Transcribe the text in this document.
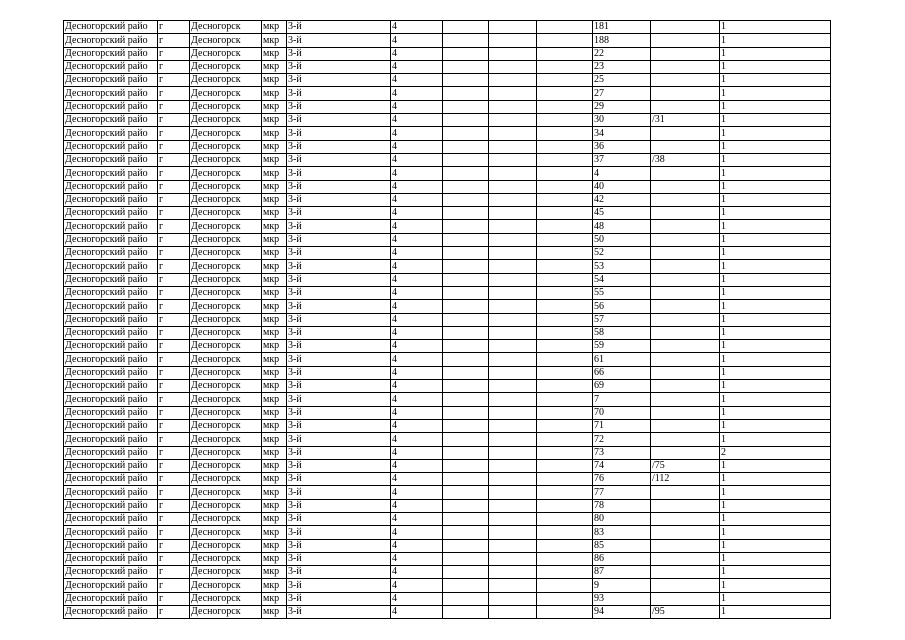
Десногорский райо	г	Десногорск	мкр	3-й	4				181		1
Десногорский райо	г	Десногорск	мкр	3-й	4				188		1
Десногорский райо	г	Десногорск	мкр	3-й	4				22		1
Десногорский райо	г	Десногорск	мкр	3-й	4				23		1
Десногорский райо	г	Десногорск	мкр	3-й	4				25		1
Десногорский райо	г	Десногорск	мкр	3-й	4				27		1
Десногорский райо	г	Десногорск	мкр	3-й	4				29		1
Десногорский райо	г	Десногорск	мкр	3-й	4				30	/31	1
Десногорский райо	г	Десногорск	мкр	3-й	4				34		1
Десногорский райо	г	Десногорск	мкр	3-й	4				36		1
Десногорский райо	г	Десногорск	мкр	3-й	4				37	/38	1
Десногорский райо	г	Десногорск	мкр	3-й	4				4		1
Десногорский райо	г	Десногорск	мкр	3-й	4				40		1
Десногорский райо	г	Десногорск	мкр	3-й	4				42		1
Десногорский райо	г	Десногорск	мкр	3-й	4				45		1
Десногорский райо	г	Десногорск	мкр	3-й	4				48		1
Десногорский райо	г	Десногорск	мкр	3-й	4				50		1
Десногорский райо	г	Десногорск	мкр	3-й	4				52		1
Десногорский райо	г	Десногорск	мкр	3-й	4				53		1
Десногорский райо	г	Десногорск	мкр	3-й	4				54		1
Десногорский райо	г	Десногорск	мкр	3-й	4				55		1
Десногорский райо	г	Десногорск	мкр	3-й	4				56		1
Десногорский райо	г	Десногорск	мкр	3-й	4				57		1
Десногорский райо	г	Десногорск	мкр	3-й	4				58		1
Десногорский райо	г	Десногорск	мкр	3-й	4				59		1
Десногорский райо	г	Десногорск	мкр	3-й	4				61		1
Десногорский райо	г	Десногорск	мкр	3-й	4				66		1
Десногорский райо	г	Десногорск	мкр	3-й	4				69		1
Десногорский райо	г	Десногорск	мкр	3-й	4				7		1
Десногорский райо	г	Десногорск	мкр	3-й	4				70		1
Десногорский райо	г	Десногорск	мкр	3-й	4				71		1
Десногорский райо	г	Десногорск	мкр	3-й	4				72		1
Десногорский райо	г	Десногорск	мкр	3-й	4				73		2
Десногорский райо	г	Десногорск	мкр	3-й	4				74	/75	1
Десногорский райо	г	Десногорск	мкр	3-й	4				76	/112	1
Десногорский райо	г	Десногорск	мкр	3-й	4				77		1
Десногорский райо	г	Десногорск	мкр	3-й	4				78		1
Десногорский райо	г	Десногорск	мкр	3-й	4				80		1
Десногорский райо	г	Десногорск	мкр	3-й	4				83		1
Десногорский райо	г	Десногорск	мкр	3-й	4				85		1
Десногорский райо	г	Десногорск	мкр	3-й	4				86		1
Десногорский райо	г	Десногорск	мкр	3-й	4				87		1
Десногорский райо	г	Десногорск	мкр	3-й	4				9		1
Десногорский райо	г	Десногорск	мкр	3-й	4				93		1
Десногорский райо	г	Десногорск	мкр	3-й	4				94	/95	1
